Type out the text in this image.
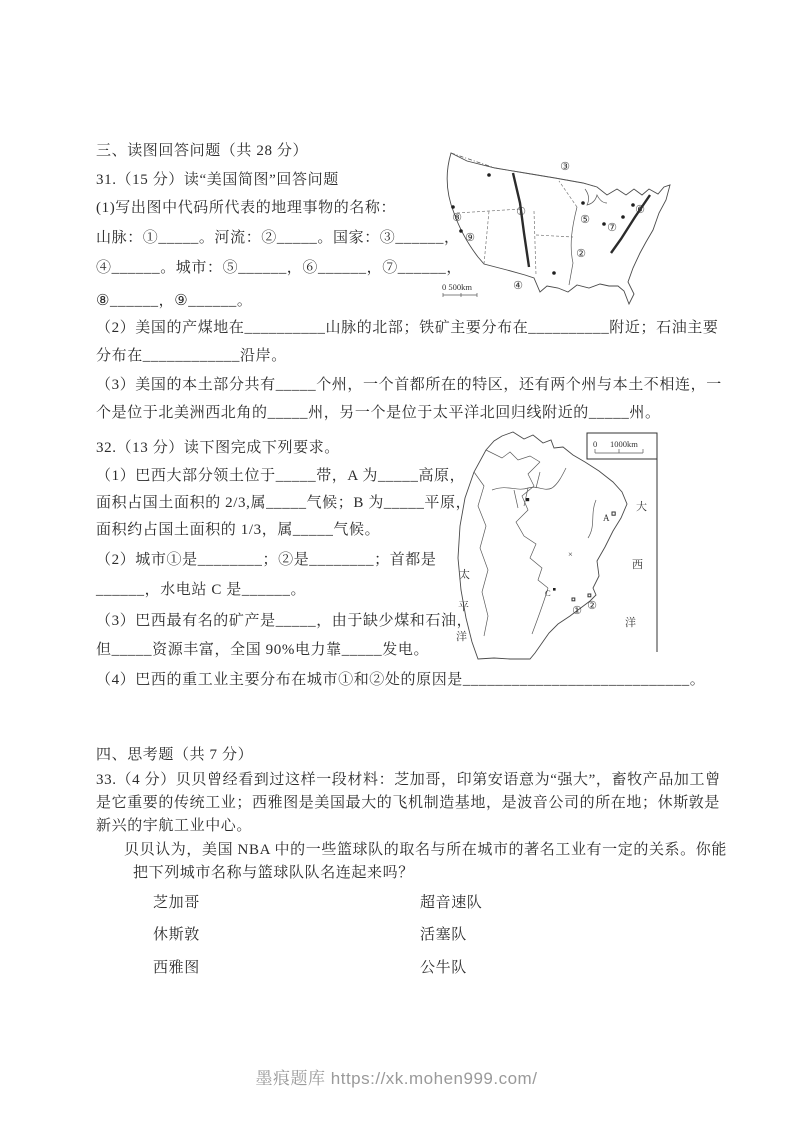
三、读图回答问题（共 28 分）
31.（15 分）读“美国简图”回答问题
(1)写出图中代码所代表的地理事物的名称：
山脉：①_____。河流：②_____。国家：③______，
④______。城市：⑤______，⑥______，⑦______，
⑧______，⑨______。
（2）美国的产煤地在__________山脉的北部；铁矿主要分布在__________附近；石油主要
分布在____________沿岸。
（3）美国的本土部分共有_____个州，一个首都所在的特区，还有两个州与本土不相连，一
个是位于北美洲西北角的_____州，另一个是位于太平洋北回归线附近的_____州。
③
①
⑤
②
④
⑧
⑨
⑥
⑦
0 500km
32.（13 分）读下图完成下列要求。
（1）巴西大部分领土位于_____带，A 为_____高原，
面积占国土面积的 2/3,属_____气候；B 为_____平原，
面积约占国土面积的 1/3，属_____气候。
（2）城市①是________；②是________；首都是
______，水电站 C 是______。
（3）巴西最有名的矿产是_____，由于缺少煤和石油，
但_____资源丰富，全国 90%电力靠_____发电。
（4）巴西的重工业主要分布在城市①和②处的原因是____________________________。
0 1000km
×
A
C
① ②
太
平
洋
大
西
洋
四、思考题（共 7 分）
33.（4 分）贝贝曾经看到过这样一段材料：芝加哥，印第安语意为“强大”，畜牧产品加工曾
是它重要的传统工业；西雅图是美国最大的飞机制造基地，是波音公司的所在地；休斯敦是
新兴的宇航工业中心。
贝贝认为，美国 NBA 中的一些篮球队的取名与所在城市的著名工业有一定的关系。你能
把下列城市名称与篮球队队名连起来吗？
芝加哥	超音速队
休斯敦	活塞队
西雅图	公牛队
墨痕题库 https://xk.mohen999.com/
